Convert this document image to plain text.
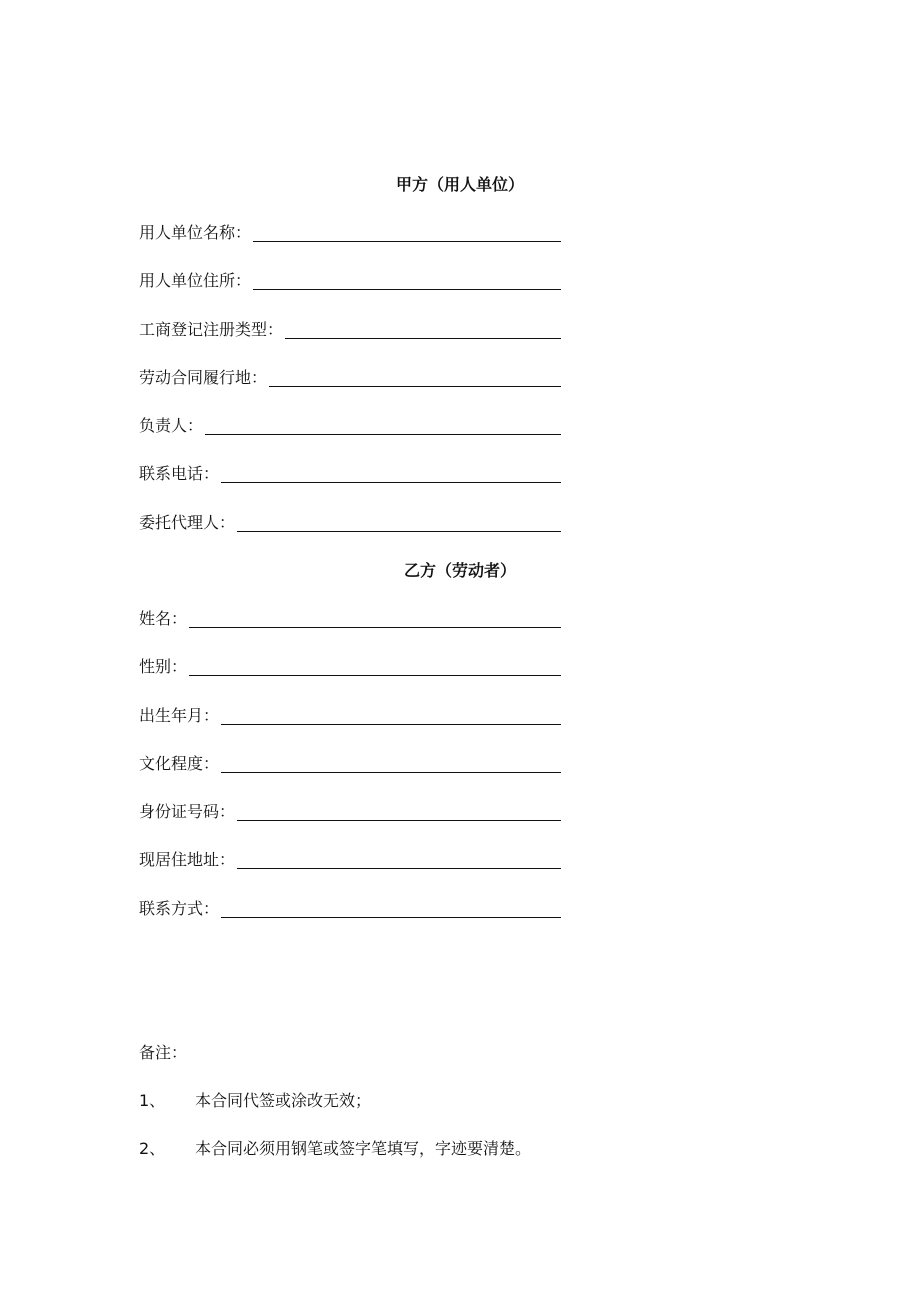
甲方（用人单位）
用人单位名称：
用人单位住所：
工商登记注册类型：
劳动合同履行地：
负责人：
联系电话：
委托代理人：
乙方（劳动者）
姓名：
性别：
出生年月：
文化程度：
身份证号码：
现居住地址：
联系方式：
备注：
1、 本合同代签或涂改无效；
2、 本合同必须用钢笔或签字笔填写，字迹要清楚。
